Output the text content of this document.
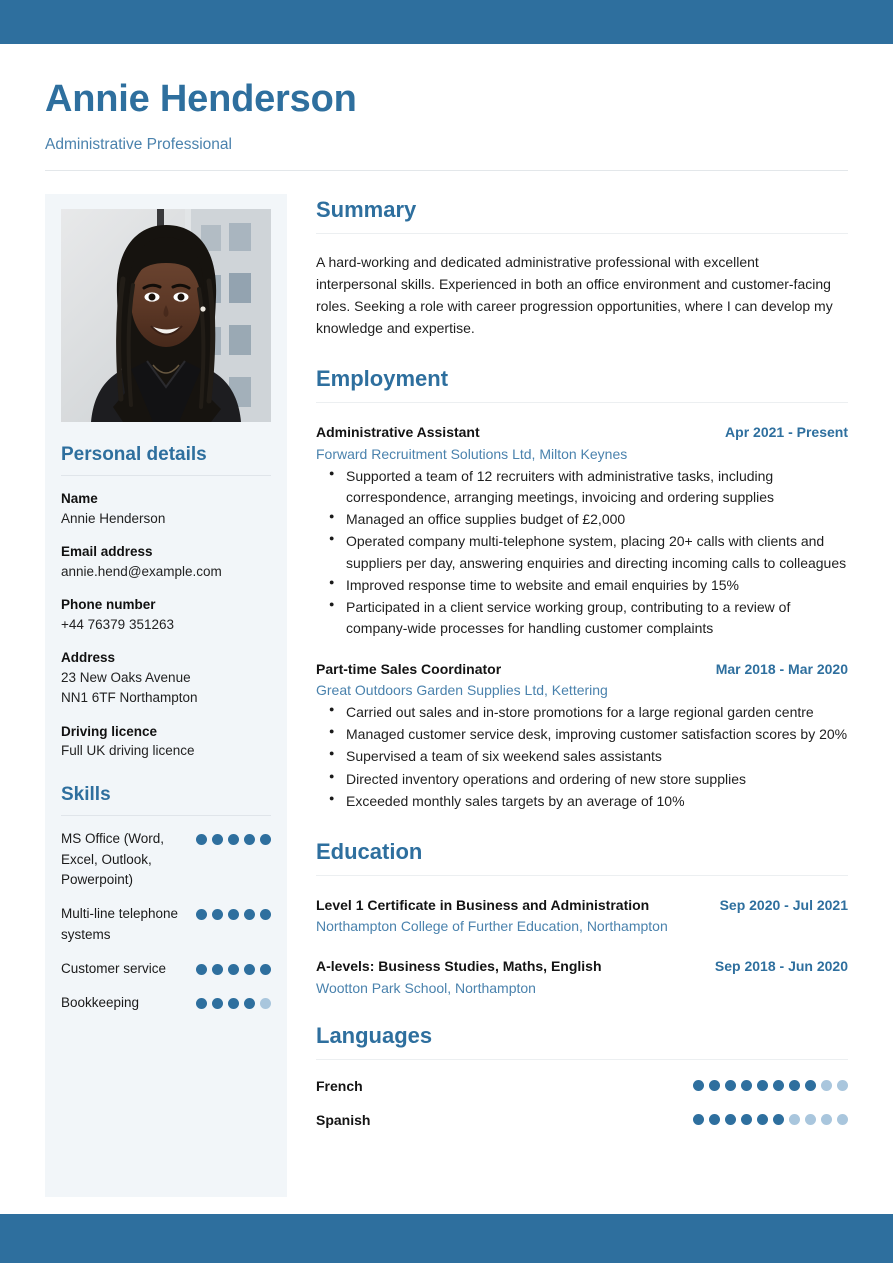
Annie Henderson
Administrative Professional
Personal details
Name
Annie Henderson
Email address
annie.hend@example.com
Phone number
+44 76379 351263
Address
23 New Oaks Avenue
NN1 6TF Northampton
Driving licence
Full UK driving licence
Skills
MS Office (Word, Excel, Outlook, Powerpoint)
Multi-line telephone systems
Customer service
Bookkeeping
Summary

A hard-working and dedicated administrative professional with excellent interpersonal skills. Experienced in both an office environment and customer-facing roles. Seeking a role with career progression opportunities, where I can develop my knowledge and expertise.

Employment
Administrative Assistant	Apr 2021 - Present
Forward Recruitment Solutions Ltd, Milton Keynes
● Supported a team of 12 recruiters with administrative tasks, including correspondence, arranging meetings, invoicing and ordering supplies
● Managed an office supplies budget of £2,000
● Operated company multi-telephone system, placing 20+ calls with clients and suppliers per day, answering enquiries and directing incoming calls to colleagues
● Improved response time to website and email enquiries by 15%
● Participated in a client service working group, contributing to a review of company-wide processes for handling customer complaints
Part-time Sales Coordinator	Mar 2018 - Mar 2020
Great Outdoors Garden Supplies Ltd, Kettering
● Carried out sales and in-store promotions for a large regional garden centre
● Managed customer service desk, improving customer satisfaction scores by 20%
● Supervised a team of six weekend sales assistants
● Directed inventory operations and ordering of new store supplies
● Exceeded monthly sales targets by an average of 10%
Education
Level 1 Certificate in Business and Administration	Sep 2020 - Jul 2021
Northampton College of Further Education, Northampton
A-levels: Business Studies, Maths, English	Sep 2018 - Jun 2020
Wootton Park School, Northampton
Languages
French
Spanish
